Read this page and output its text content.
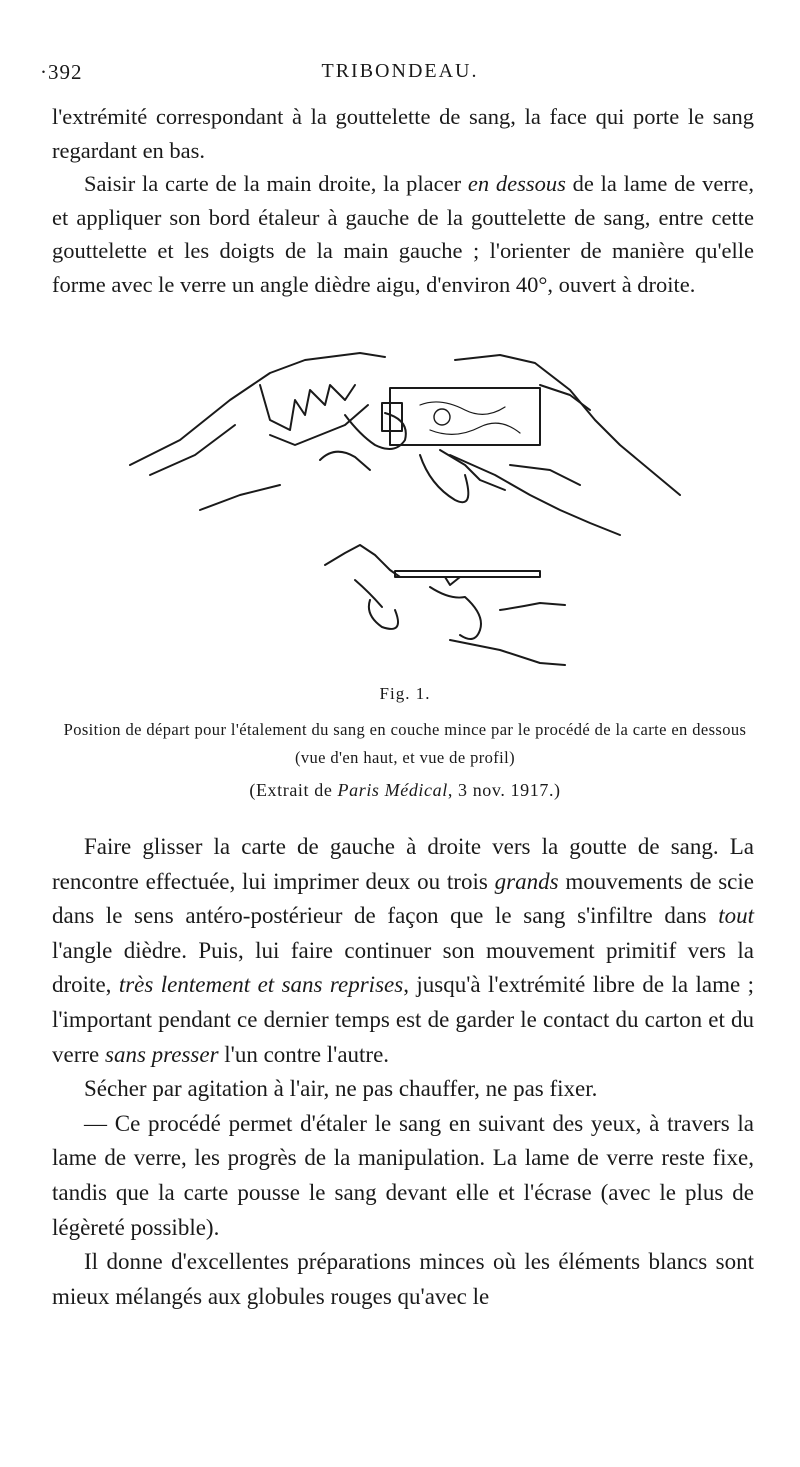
·392	TRIBONDEAU.

l'extrémité correspondant à la gouttelette de sang, la face qui porte le sang regardant en bas.

Saisir la carte de la main droite, la placer en dessous de la lame de verre, et appliquer son bord étaleur à gauche de la gouttelette de sang, entre cette gouttelette et les doigts de la main gauche ; l'orienter de manière qu'elle forme avec le verre un angle dièdre aigu, d'environ 40°, ouvert à droite.

Fig. 1.
Position de départ pour l'étalement du sang en couche mince par le procédé de la carte en dessous (vue d'en haut, et vue de profil)
(Extrait de Paris Médical, 3 nov. 1917.)

Faire glisser la carte de gauche à droite vers la goutte de sang. La rencontre effectuée, lui imprimer deux ou trois grands mouvements de scie dans le sens antéro-postérieur de façon que le sang s'infiltre dans tout l'angle dièdre. Puis, lui faire continuer son mouvement primitif vers la droite, très lentement et sans reprises, jusqu'à l'extrémité libre de la lame ; l'important pendant ce dernier temps est de garder le contact du carton et du verre sans presser l'un contre l'autre.

Sécher par agitation à l'air, ne pas chauffer, ne pas fixer.

— Ce procédé permet d'étaler le sang en suivant des yeux, à travers la lame de verre, les progrès de la manipulation. La lame de verre reste fixe, tandis que la carte pousse le sang devant elle et l'écrase (avec le plus de légèreté possible).

Il donne d'excellentes préparations minces où les éléments blancs sont mieux mélangés aux globules rouges qu'avec le
